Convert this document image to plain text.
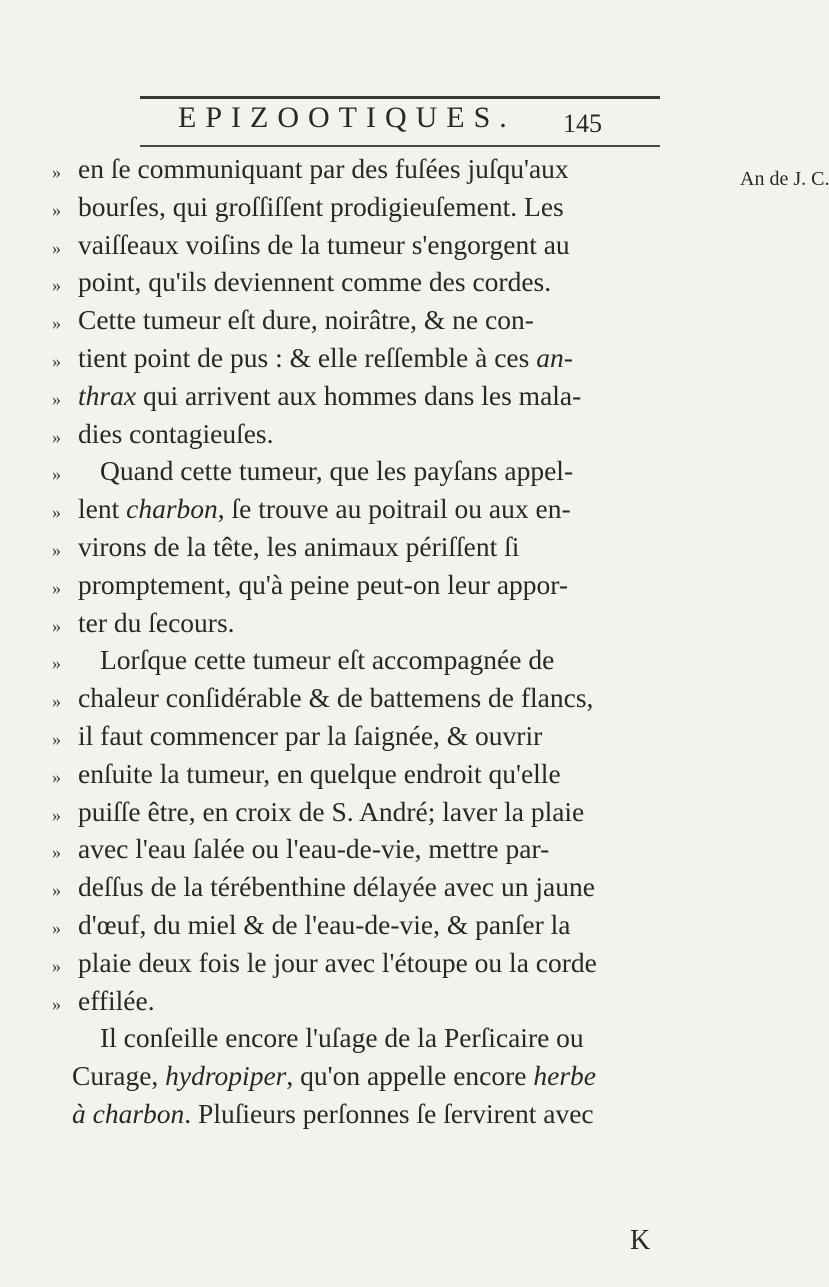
EPIZOOTIQUES. 145
An de J. C.
» en ſe communiquant par des fuſées juſqu'aux
» bourſes, qui groſſiſſent prodigieuſement. Les
» vaiſſeaux voiſins de la tumeur s'engorgent au
» point, qu'ils deviennent comme des cordes.
» Cette tumeur eſt dure, noirâtre, & ne con-
» tient point de pus : & elle reſſemble à ces an-
» thrax qui arrivent aux hommes dans les mala-
» dies contagieuſes.
» Quand cette tumeur, que les payſans appel-
» lent charbon, ſe trouve au poitrail ou aux en-
» virons de la tête, les animaux périſſent ſi
» promptement, qu'à peine peut-on leur appor-
» ter du ſecours.
» Lorſque cette tumeur eſt accompagnée de
» chaleur conſidérable & de battemens de flancs,
» il faut commencer par la ſaignée, & ouvrir
» enſuite la tumeur, en quelque endroit qu'elle
» puiſſe être, en croix de S. André; laver la plaie
» avec l'eau ſalée ou l'eau-de-vie, mettre par-
» deſſus de la térébenthine délayée avec un jaune
» d'œuf, du miel & de l'eau-de-vie, & panſer la
» plaie deux fois le jour avec l'étoupe ou la corde
» effilée.
Il conſeille encore l'uſage de la Perſicaire ou
Curage, hydropiper, qu'on appelle encore herbe
à charbon. Pluſieurs perſonnes ſe ſervirent avec
K
